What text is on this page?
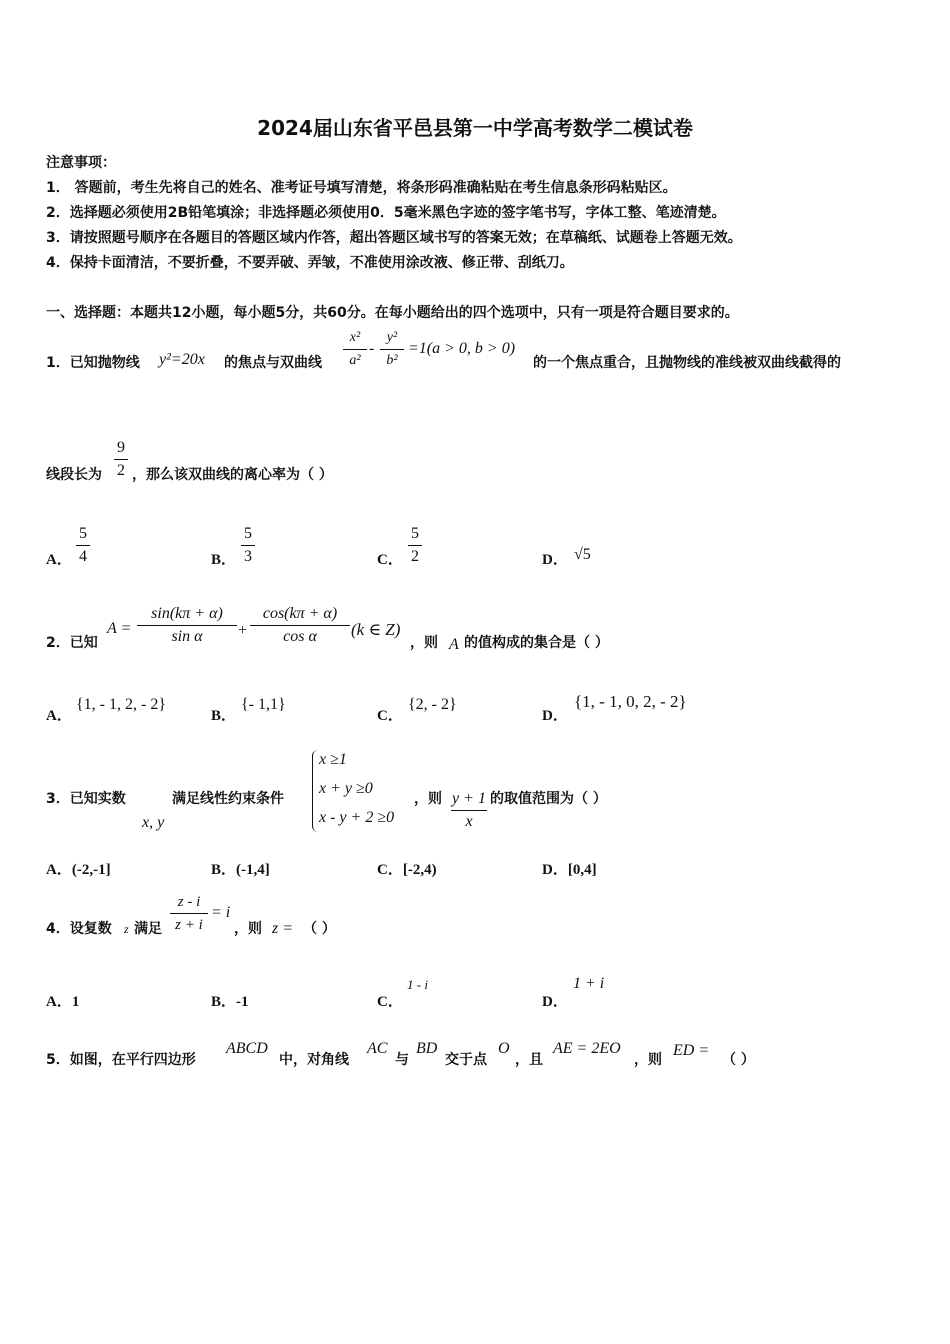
2024届山东省平邑县第一中学高考数学二模试卷
注意事项：
1． 答题前，考生先将自己的姓名、准考证号填写清楚，将条形码准确粘贴在考生信息条形码粘贴区。
2．选择题必须使用2B铅笔填涂；非选择题必须使用0．5毫米黑色字迹的签字笔书写，字体工整、笔迹清楚。
3．请按照题号顺序在各题目的答题区域内作答，超出答题区域书写的答案无效；在草稿纸、试题卷上答题无效。
4．保持卡面清洁，不要折叠，不要弄破、弄皱，不准使用涂改液、修正带、刮纸刀。
一、选择题：本题共12小题，每小题5分，共60分。在每小题给出的四个选项中，只有一项是符合题目要求的。
1．已知抛物线 y²=20x 的焦点与双曲线
x²
a²
-
y²
b²
=1(a > 0, b > 0)
的一个焦点重合，且抛物线的准线被双曲线截得的
线段长为
9
2 ，那么该双曲线的离心率为（ ）
A．
5
4	B．
5
3	C．
5
2	D． √5
2．已知
A =
sin(kπ + α)
sin α	+
cos(kπ + α)
cos α	(k ∈ Z)
，则 A 的值构成的集合是（ ）
A．
{1, - 1, 2, - 2}
B．
{- 1,1}
C．
{2, - 2}
D．
{1, - 1, 0, 2, - 2}
3．已知实数
x, y
满足线性约束条件
x ≥1
x + y ≥0
x - y + 2 ≥0
，则 y + 1
x
的取值范围为（ ）
A．(-2,-1]	B．(-1,4]	C．[-2,4)	D．[0,4]
4．设复数 z 满足
z - i
z + i
= i
，则 z = （ ）
A．1	B．-1	C．
1 - i
D．
1 + i
5．如图，在平行四边形
ABCD
中，对角线
AC
与
BD
交于点
O
，且
AE = 2EO
，则
ED =
（ ）
